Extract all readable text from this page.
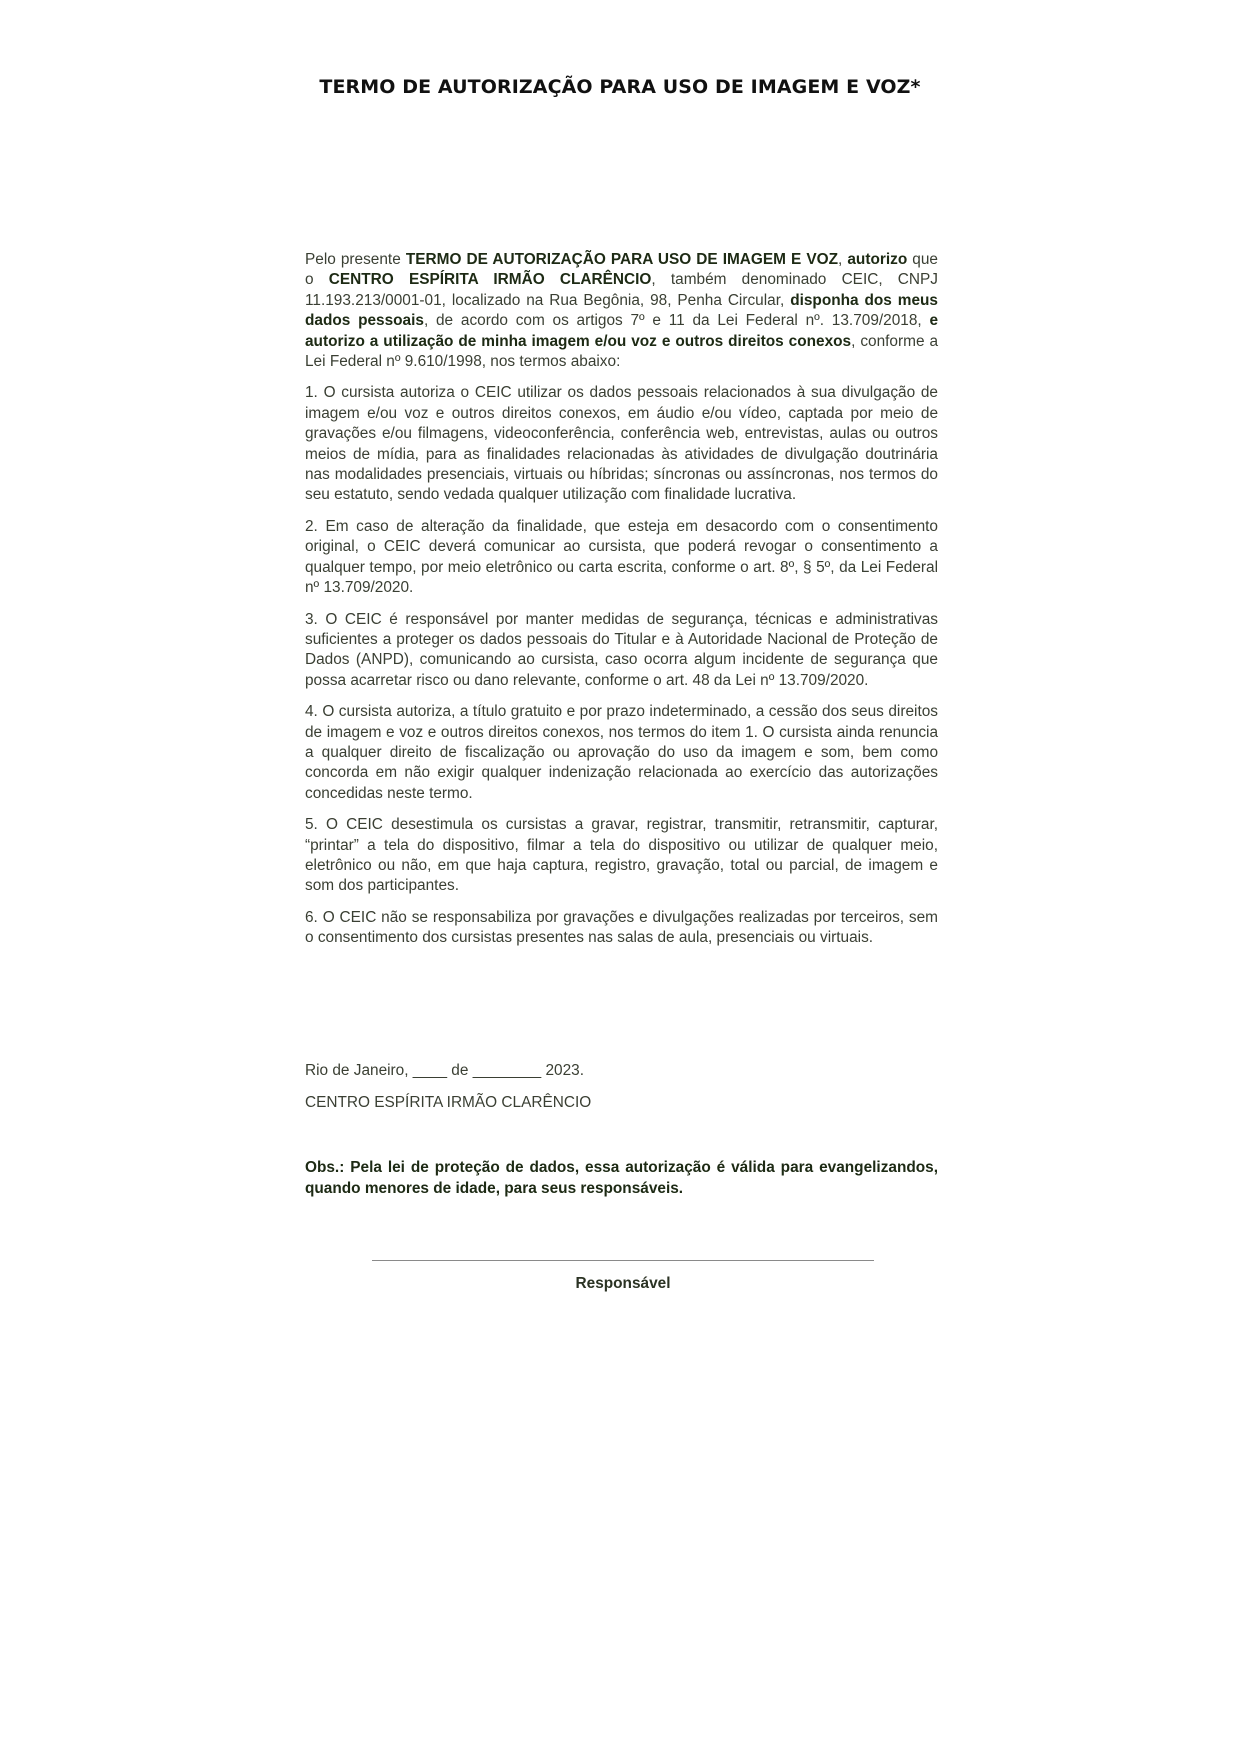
TERMO DE AUTORIZAÇÃO PARA USO DE IMAGEM E VOZ*

Pelo presente TERMO DE AUTORIZAÇÃO PARA USO DE IMAGEM E VOZ, autorizo que o CENTRO ESPÍRITA IRMÃO CLARÊNCIO, também denominado CEIC, CNPJ 11.193.213/0001-01, localizado na Rua Begônia, 98, Penha Circular, disponha dos meus dados pessoais, de acordo com os artigos 7º e 11 da Lei Federal nº. 13.709/2018, e autorizo a utilização de minha imagem e/ou voz e outros direitos conexos, conforme a Lei Federal nº 9.610/1998, nos termos abaixo:

1. O cursista autoriza o CEIC utilizar os dados pessoais relacionados à sua divulgação de imagem e/ou voz e outros direitos conexos, em áudio e/ou vídeo, captada por meio de gravações e/ou filmagens, videoconferência, conferência web, entrevistas, aulas ou outros meios de mídia, para as finalidades relacionadas às atividades de divulgação doutrinária nas modalidades presenciais, virtuais ou híbridas; síncronas ou assíncronas, nos termos do seu estatuto, sendo vedada qualquer utilização com finalidade lucrativa.

2. Em caso de alteração da finalidade, que esteja em desacordo com o consentimento original, o CEIC deverá comunicar ao cursista, que poderá revogar o consentimento a qualquer tempo, por meio eletrônico ou carta escrita, conforme o art. 8º, § 5º, da Lei Federal nº 13.709/2020.

3. O CEIC é responsável por manter medidas de segurança, técnicas e administrativas suficientes a proteger os dados pessoais do Titular e à Autoridade Nacional de Proteção de Dados (ANPD), comunicando ao cursista, caso ocorra algum incidente de segurança que possa acarretar risco ou dano relevante, conforme o art. 48 da Lei nº 13.709/2020.

4. O cursista autoriza, a título gratuito e por prazo indeterminado, a cessão dos seus direitos de imagem e voz e outros direitos conexos, nos termos do item 1. O cursista ainda renuncia a qualquer direito de fiscalização ou aprovação do uso da imagem e som, bem como concorda em não exigir qualquer indenização relacionada ao exercício das autorizações concedidas neste termo.

5. O CEIC desestimula os cursistas a gravar, registrar, transmitir, retransmitir, capturar, “printar” a tela do dispositivo, filmar a tela do dispositivo ou utilizar de qualquer meio, eletrônico ou não, em que haja captura, registro, gravação, total ou parcial, de imagem e som dos participantes.

6. O CEIC não se responsabiliza por gravações e divulgações realizadas por terceiros, sem o consentimento dos cursistas presentes nas salas de aula, presenciais ou virtuais.

Rio de Janeiro, ____ de ________ 2023.

CENTRO ESPÍRITA IRMÃO CLARÊNCIO

Obs.: Pela lei de proteção de dados, essa autorização é válida para evangelizandos, quando menores de idade, para seus responsáveis.

Responsável
